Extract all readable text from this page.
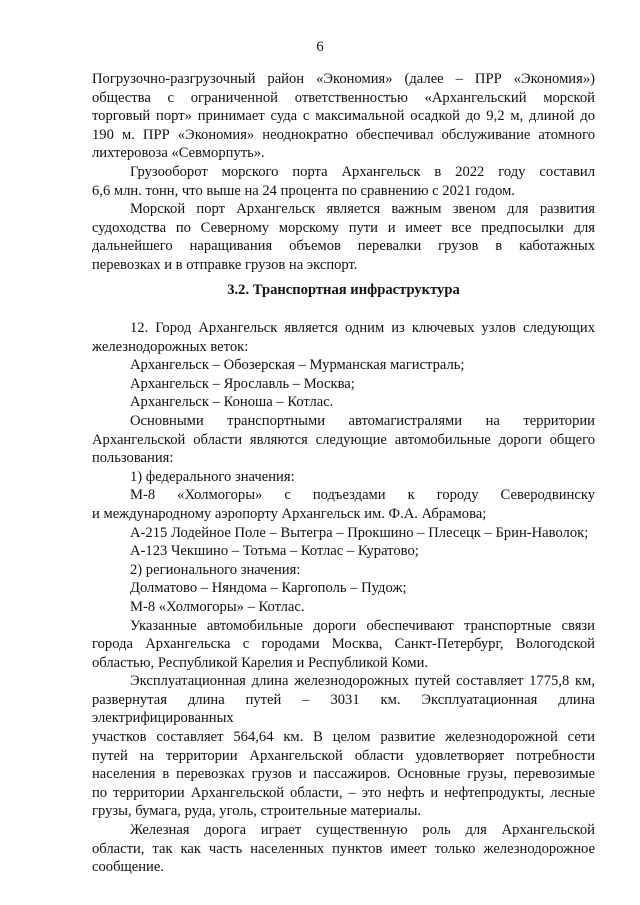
6
Погрузочно-разгрузочный район «Экономия» (далее – ПРР «Экономия»)
общества с ограниченной ответственностью «Архангельский морской
торговый порт» принимает суда с максимальной осадкой до 9,2 м, длиной до
190 м. ПРР «Экономия» неоднократно обеспечивал обслуживание атомного
лихтеровоза «Севморпуть».
Грузооборот морского порта Архангельск в 2022 году составил
6,6 млн. тонн, что выше на 24 процента по сравнению с 2021 годом.
Морской порт Архангельск является важным звеном для развития
судоходства по Северному морскому пути и имеет все предпосылки для
дальнейшего наращивания объемов перевалки грузов в каботажных
перевозках и в отправке грузов на экспорт.
3.2. Транспортная инфраструктура
12. Город Архангельск является одним из ключевых узлов следующих
железнодорожных веток:
Архангельск – Обозерская – Мурманская магистраль;
Архангельск – Ярославль – Москва;
Архангельск – Коноша – Котлас.
Основными транспортными автомагистралями на территории
Архангельской области являются следующие автомобильные дороги общего
пользования:
1) федерального значения:
М-8 «Холмогоры» с подъездами к городу Северодвинску
и международному аэропорту Архангельск им. Ф.А. Абрамова;
А-215 Лодейное Поле – Вытегра – Прокшино – Плесецк – Брин-Наволок;
А-123 Чекшино – Тотьма – Котлас – Куратово;
2) регионального значения:
Долматово – Няндома – Каргополь – Пудож;
М-8 «Холмогоры» – Котлас.
Указанные автомобильные дороги обеспечивают транспортные связи
города Архангельска с городами Москва, Санкт-Петербург, Вологодской
областью, Республикой Карелия и Республикой Коми.
Эксплуатационная длина железнодорожных путей составляет 1775,8 км,
развернутая длина путей – 3031 км. Эксплуатационная длина электрифицированных
участков составляет 564,64 км. В целом развитие железнодорожной сети
путей на территории Архангельской области удовлетворяет потребности
населения в перевозках грузов и пассажиров. Основные грузы, перевозимые
по территории Архангельской области, – это нефть и нефтепродукты, лесные
грузы, бумага, руда, уголь, строительные материалы.
Железная дорога играет существенную роль для Архангельской
области, так как часть населенных пунктов имеет только железнодорожное
сообщение.
